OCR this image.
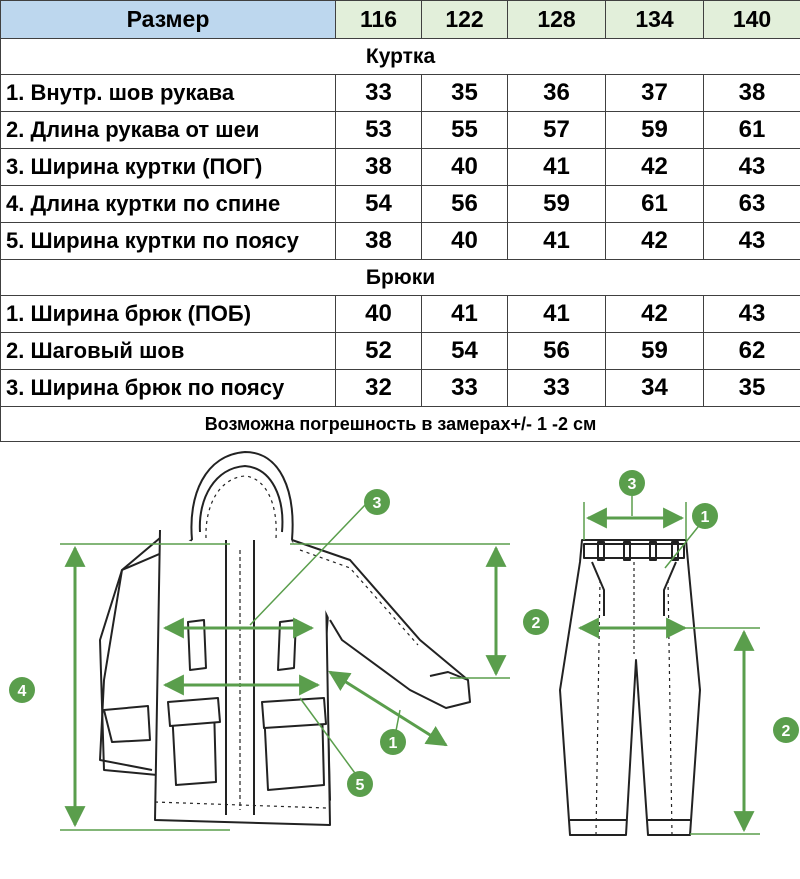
Размер	116	122	128	134	140
Куртка					
1. Внутр. шов рукава	33	35	36	37	38
2. Длина рукава от шеи	53	55	57	59	61
3. Ширина куртки (ПОГ)	38	40	41	42	43
4. Длина куртки по спине	54	56	59	61	63
5. Ширина куртки по поясу	38	40	41	42	43
Брюки					
1. Ширина брюк (ПОБ)	40	41	41	42	43
2. Шаговый шов	52	54	56	59	62
3. Ширина брюк по поясу	32	33	33	34	35
Возможна погрешность в замерах+/- 1 -2 см					
1
2
3
4
5
1
2
3
